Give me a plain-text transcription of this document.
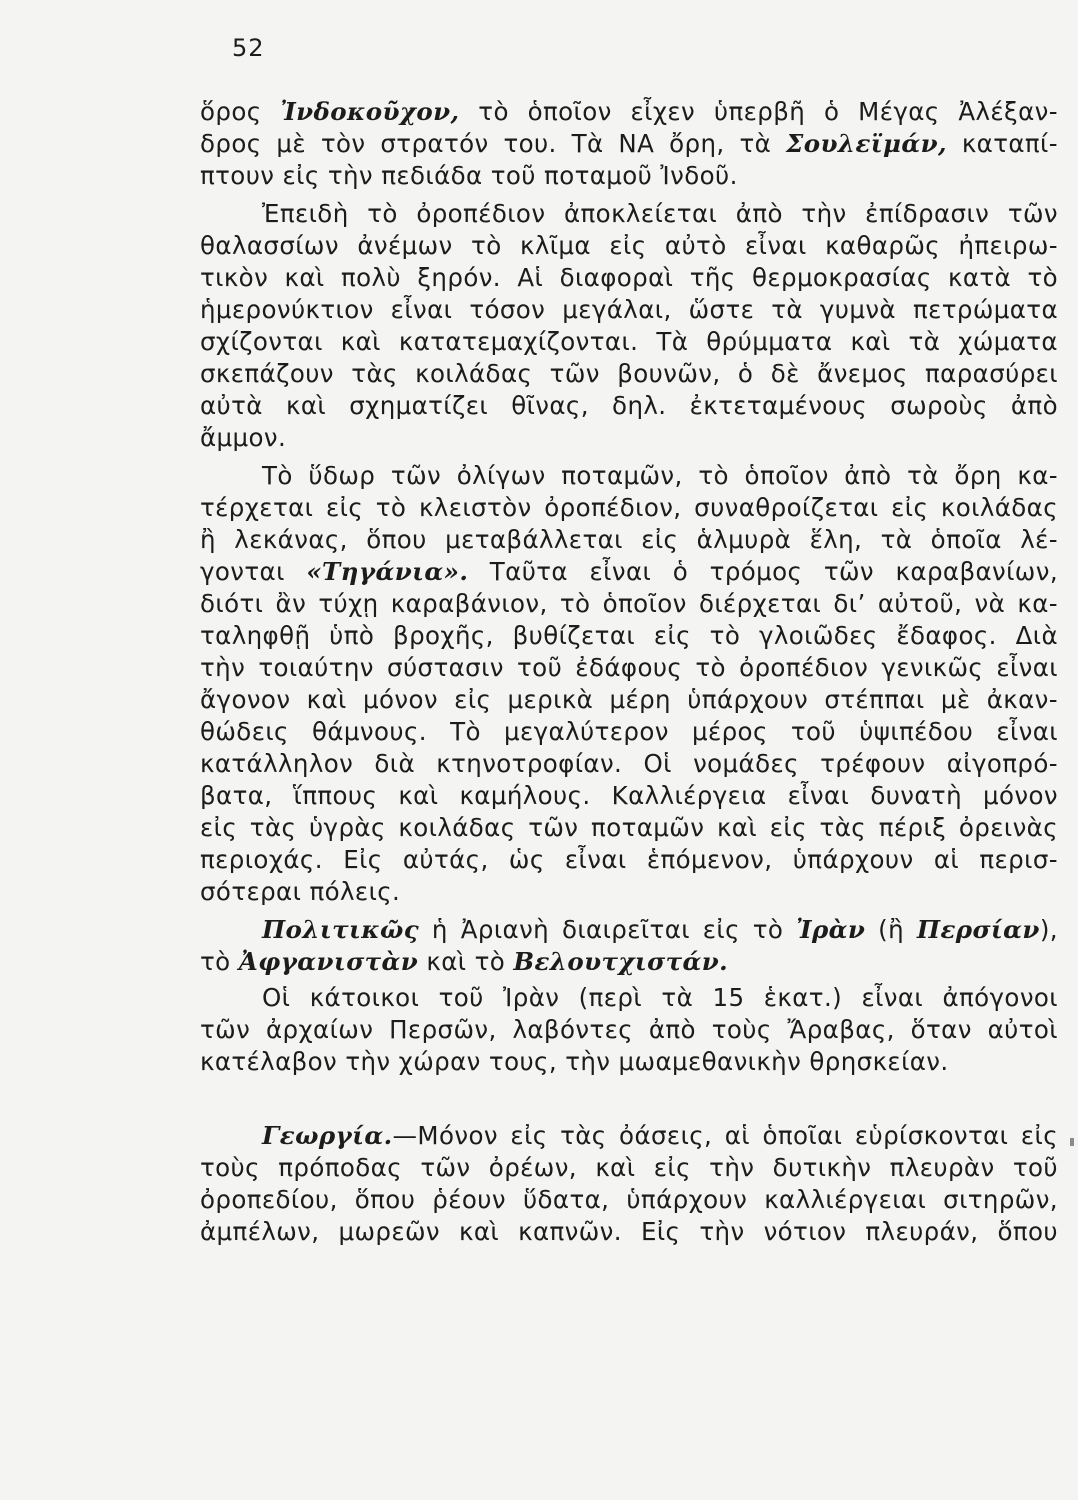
52
ὅρος Ἰνδοκοῦχον, τὸ ὁποῖον εἶχεν ὑπερβῆ ὁ Μέγας Ἀλέξαν-
δρος μὲ τὸν στρατόν του. Τὰ ΝΑ ὄρη, τὰ Σουλεϊμάν, καταπί-
πτουν εἰς τὴν πεδιάδα τοῦ ποταμοῦ Ἰνδοῦ.
Ἐπειδὴ τὸ ὀροπέδιον ἀποκλείεται ἀπὸ τὴν ἐπίδρασιν τῶν
θαλασσίων ἀνέμων τὸ κλῖμα εἰς αὐτὸ εἶναι καθαρῶς ἠπειρω-
τικὸν καὶ πολὺ ξηρόν. Αἱ διαφοραὶ τῆς θερμοκρασίας κατὰ τὸ
ἡμερονύκτιον εἶναι τόσον μεγάλαι, ὥστε τὰ γυμνὰ πετρώματα
σχίζονται καὶ κατατεμαχίζονται. Τὰ θρύμματα καὶ τὰ χώματα
σκεπάζουν τὰς κοιλάδας τῶν βουνῶν, ὁ δὲ ἄνεμος παρασύρει
αὐτὰ καὶ σχηματίζει θῖνας, δηλ. ἐκτεταμένους σωροὺς ἀπὸ
ἄμμον.
Τὸ ὕδωρ τῶν ὀλίγων ποταμῶν, τὸ ὁποῖον ἀπὸ τὰ ὄρη κα-
τέρχεται εἰς τὸ κλειστὸν ὀροπέδιον, συναθροίζεται εἰς κοιλάδας
ἢ λεκάνας, ὅπου μεταβάλλεται εἰς ἁλμυρὰ ἕλη, τὰ ὁποῖα λέ-
γονται «Τηγάνια». Ταῦτα εἶναι ὁ τρόμος τῶν καραβανίων,
διότι ἂν τύχῃ καραβάνιον, τὸ ὁποῖον διέρχεται δι’ αὐτοῦ, νὰ κα-
ταληφθῇ ὑπὸ βροχῆς, βυθίζεται εἰς τὸ γλοιῶδες ἔδαφος. Διὰ
τὴν τοιαύτην σύστασιν τοῦ ἐδάφους τὸ ὀροπέδιον γενικῶς εἶναι
ἄγονον καὶ μόνον εἰς μερικὰ μέρη ὑπάρχουν στέππαι μὲ ἀκαν-
θώδεις θάμνους. Τὸ μεγαλύτερον μέρος τοῦ ὑψιπέδου εἶναι
κατάλληλον διὰ κτηνοτροφίαν. Οἱ νομάδες τρέφουν αἰγοπρό-
βατα, ἵππους καὶ καμήλους. Καλλιέργεια εἶναι δυνατὴ μόνον
εἰς τὰς ὑγρὰς κοιλάδας τῶν ποταμῶν καὶ εἰς τὰς πέριξ ὀρεινὰς
περιοχάς. Εἰς αὐτάς, ὡς εἶναι ἑπόμενον, ὑπάρχουν αἱ περισ-
σότεραι πόλεις.
Πολιτικῶς ἡ Ἀριανὴ διαιρεῖται εἰς τὸ Ἰρὰν (ἢ Περσίαν),
τὸ Ἀφγανιστὰν καὶ τὸ Βελουτχιστάν.
Οἱ κάτοικοι τοῦ Ἰρὰν (περὶ τὰ 15 ἑκατ.) εἶναι ἀπόγονοι
τῶν ἀρχαίων Περσῶν, λαβόντες ἀπὸ τοὺς Ἄραβας, ὅταν αὐτοὶ
κατέλαβον τὴν χώραν τους, τὴν μωαμεθανικὴν θρησκείαν.
Γεωργία.—Μόνον εἰς τὰς ὀάσεις, αἱ ὁποῖαι εὑρίσκονται εἰς
τοὺς πρόποδας τῶν ὀρέων, καὶ εἰς τὴν δυτικὴν πλευρὰν τοῦ
ὀροπεδίου, ὅπου ῥέουν ὕδατα, ὑπάρχουν καλλιέργειαι σιτηρῶν,
ἀμπέλων, μωρεῶν καὶ καπνῶν. Εἰς τὴν νότιον πλευράν, ὅπου
